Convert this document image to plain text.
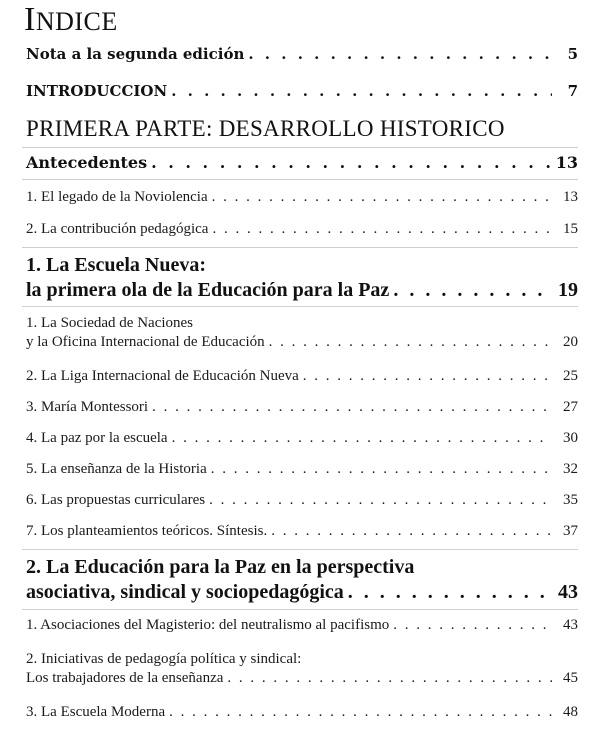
INDICE
Nota a la segunda edición . . .	5
INTRODUCCION . . .	7
PRIMERA PARTE: DESARROLLO HISTORICO
Antecedentes . . .	13
1. El legado de la Noviolencia . . .	13
2. La contribución pedagógica . . .	15
1. La Escuela Nueva:
la primera ola de la Educación para la Paz . . .	19
1. La Sociedad de Naciones
y la Oficina Internacional de Educación . . .	20
2. La Liga Internacional de Educación Nueva . . .	25
3. María Montessori . . .	27
4. La paz por la escuela . . .	30
5. La enseñanza de la Historia . . .	32
6. Las propuestas curriculares . . .	35
7. Los planteamientos teóricos. Síntesis. . . .	37
2. La Educación para la Paz en la perspectiva
asociativa, sindical y sociopedagógica . . .	43
1. Asociaciones del Magisterio: del neutralismo al pacifismo . . .	43
2. Iniciativas de pedagogía política y sindical:
Los trabajadores de la enseñanza . . .	45
3. La Escuela Moderna . . .	48
